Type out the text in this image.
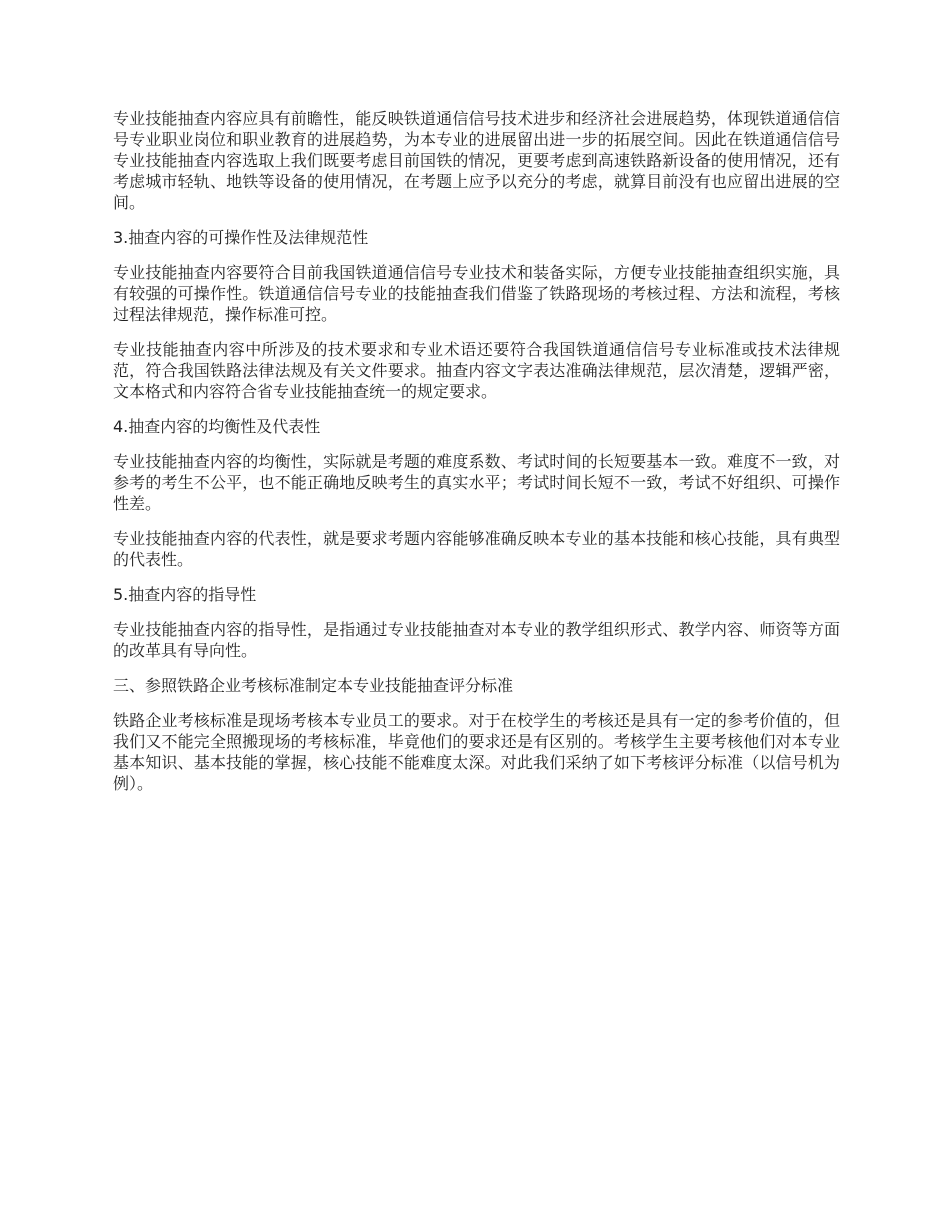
专业技能抽查内容应具有前瞻性，能反映铁道通信信号技术进步和经济社会进展趋势，体现铁道通信信号专业职业岗位和职业教育的进展趋势，为本专业的进展留出进一步的拓展空间。因此在铁道通信信号专业技能抽查内容选取上我们既要考虑目前国铁的情况，更要考虑到高速铁路新设备的使用情况，还有考虑城市轻轨、地铁等设备的使用情况，在考题上应予以充分的考虑，就算目前没有也应留出进展的空间。

3.抽查内容的可操作性及法律规范性

专业技能抽查内容要符合目前我国铁道通信信号专业技术和装备实际，方便专业技能抽查组织实施，具有较强的可操作性。铁道通信信号专业的技能抽查我们借鉴了铁路现场的考核过程、方法和流程，考核过程法律规范，操作标准可控。

专业技能抽查内容中所涉及的技术要求和专业术语还要符合我国铁道通信信号专业标准或技术法律规范，符合我国铁路法律法规及有关文件要求。抽查内容文字表达准确法律规范，层次清楚，逻辑严密，文本格式和内容符合省专业技能抽查统一的规定要求。

4.抽查内容的均衡性及代表性

专业技能抽查内容的均衡性，实际就是考题的难度系数、考试时间的长短要基本一致。难度不一致，对参考的考生不公平，也不能正确地反映考生的真实水平；考试时间长短不一致，考试不好组织、可操作性差。

专业技能抽查内容的代表性，就是要求考题内容能够准确反映本专业的基本技能和核心技能，具有典型的代表性。

5.抽查内容的指导性

专业技能抽查内容的指导性，是指通过专业技能抽查对本专业的教学组织形式、教学内容、师资等方面的改革具有导向性。

三、参照铁路企业考核标准制定本专业技能抽查评分标准

铁路企业考核标准是现场考核本专业员工的要求。对于在校学生的考核还是具有一定的参考价值的，但我们又不能完全照搬现场的考核标准，毕竟他们的要求还是有区别的。考核学生主要考核他们对本专业基本知识、基本技能的掌握，核心技能不能难度太深。对此我们采纳了如下考核评分标准（以信号机为例）。
